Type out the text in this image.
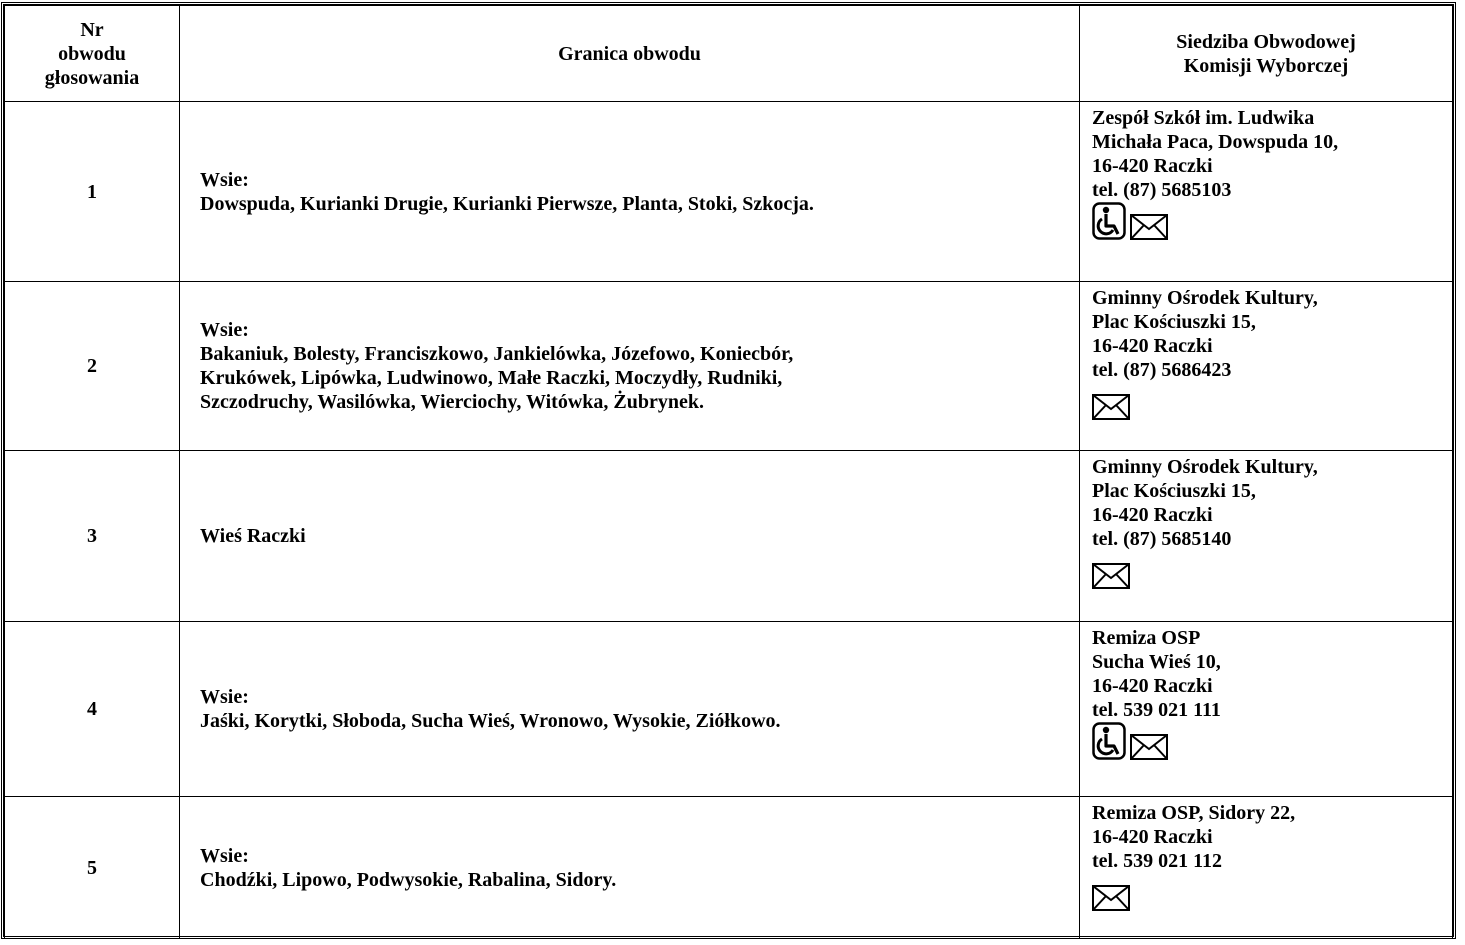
Nr
obwodu
głosowania	Granica obwodu	Siedziba Obwodowej
Komisji Wyborczej

1	Wsie:
Dowspuda, Kurianki Drugie, Kurianki Pierwsze, Planta, Stoki, Szkocja.	Zespół Szkół im. Ludwika
Michała Paca, Dowspuda 10,
16-420 Raczki
tel. (87) 5685103

2	Wsie:
Bakaniuk, Bolesty, Franciszkowo, Jankielówka, Józefowo, Koniecbór,
Krukówek, Lipówka, Ludwinowo, Małe Raczki, Moczydły, Rudniki,
Szczodruchy, Wasilówka, Wierciochy, Witówka, Żubrynek.	Gminny Ośrodek Kultury,
Plac Kościuszki 15,
16-420 Raczki
tel. (87) 5686423

3	Wieś Raczki	Gminny Ośrodek Kultury,
Plac Kościuszki 15,
16-420 Raczki
tel. (87) 5685140

4	Wsie:
Jaśki, Korytki, Słoboda, Sucha Wieś, Wronowo, Wysokie, Ziółkowo.	Remiza OSP
Sucha Wieś 10,
16-420 Raczki
tel. 539 021 111

5	Wsie:
Chodźki, Lipowo, Podwysokie, Rabalina, Sidory.	Remiza OSP, Sidory 22,
16-420 Raczki
tel. 539 021 112
